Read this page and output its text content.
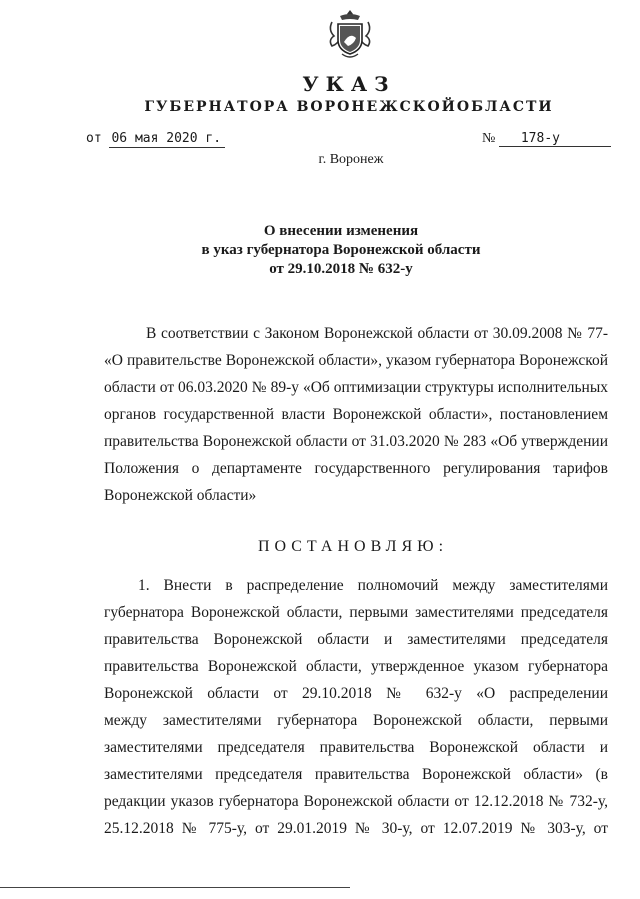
УКАЗ
ГУБЕРНАТОРА ВОРОНЕЖСКОЙОБЛАСТИ
от 06 мая 2020 г.	№ 178-у
г. Воронеж
О внесении изменения
в указ губернатора Воронежской области
от 29.10.2018 № 632-у
В соответствии с Законом Воронежской области от 30.09.2008 № 77-
«О правительстве Воронежской области», указом губернатора Воронежской
области от 06.03.2020 № 89-у «Об оптимизации структуры исполнительных
органов государственной власти Воронежской области», постановлением
правительства Воронежской области от 31.03.2020 № 283 «Об утверждении
Положения о департаменте государственного регулирования тарифов
Воронежской области»
ПОСТАНОВЛЯЮ:
1. Внести в распределение полномочий между заместителями
губернатора Воронежской области, первыми заместителями председателя
правительства Воронежской области и заместителями председателя
правительства Воронежской области, утвержденное указом губернатора
Воронежской области от 29.10.2018 № 632-у «О распределении
между заместителями губернатора Воронежской области, первыми
заместителями председателя правительства Воронежской области и
заместителями председателя правительства Воронежской области» (в
редакции указов губернатора Воронежской области от 12.12.2018 № 732-у,
25.12.2018 № 775-у, от 29.01.2019 № 30-у, от 12.07.2019 № 303-у, от
